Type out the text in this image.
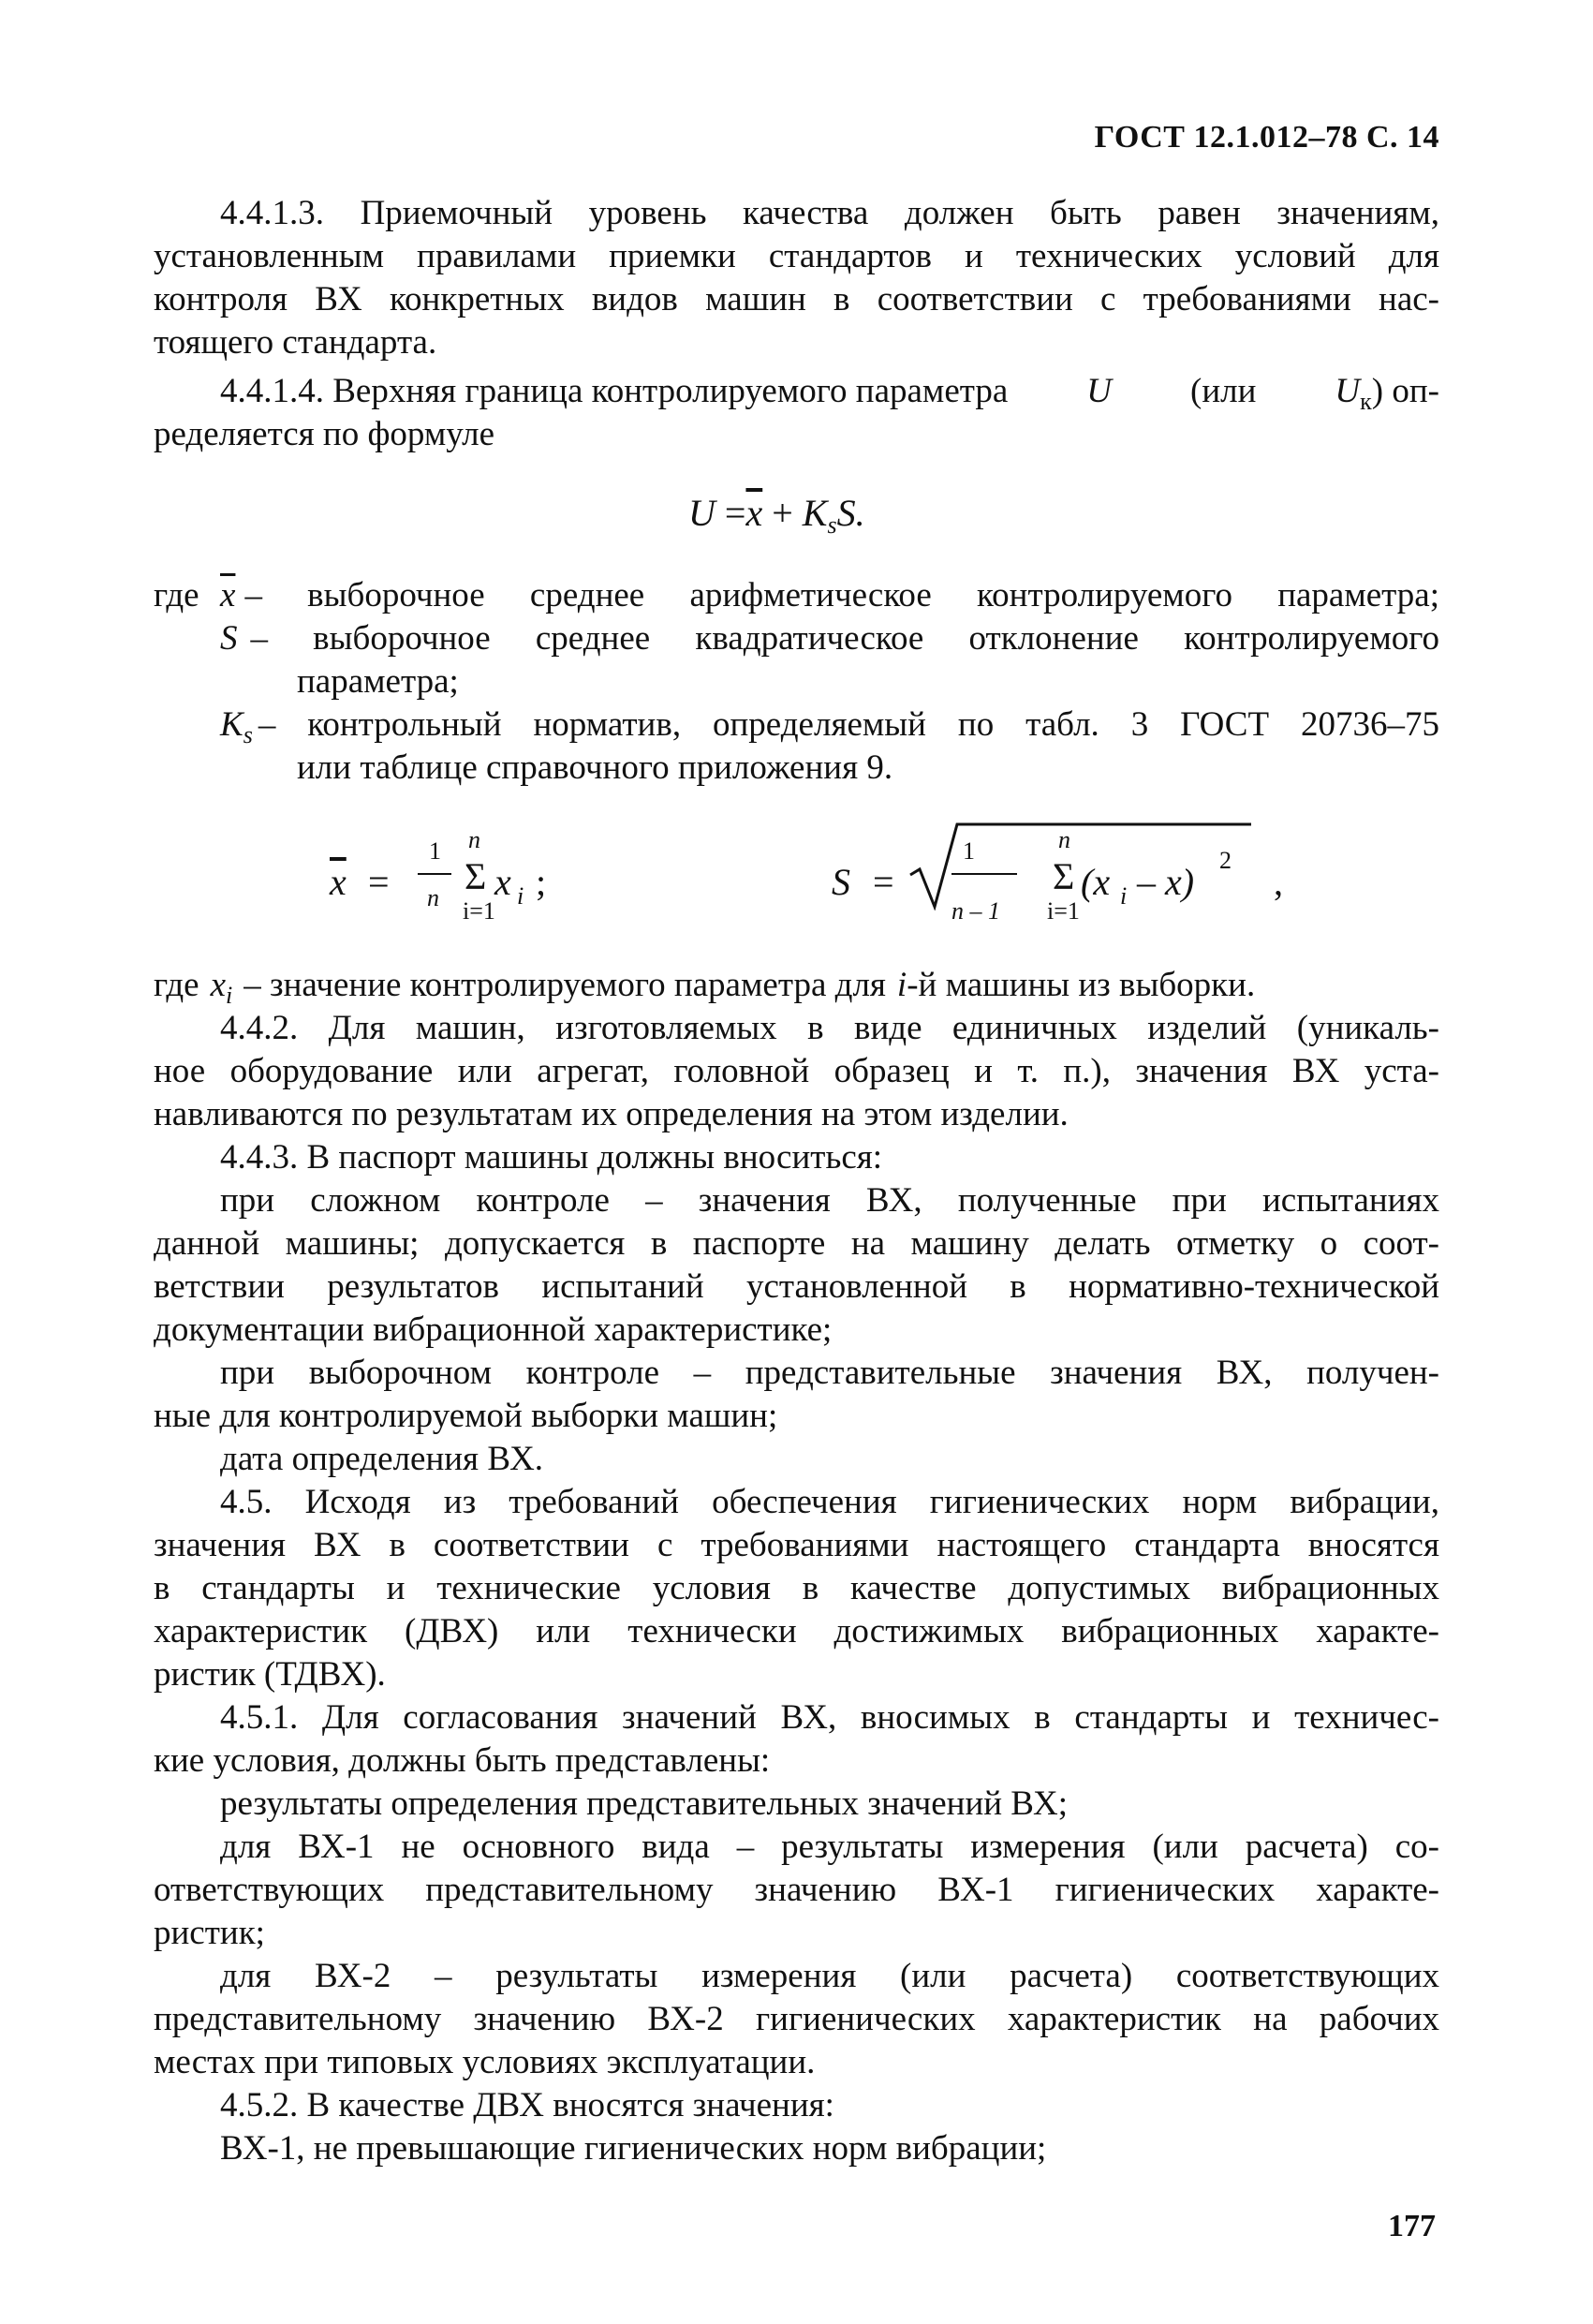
ГОСТ 12.1.012–78 С. 14
4.4.1.3. Приемочный уровень качества должен быть равен значениям,
установленным правилами приемки стандартов и технических условий для
контроля ВХ конкретных видов машин в соответствии с требованиями нас-
тоящего стандарта.
4.4.1.4. Верхняя граница контролируемого параметра U (или $U_к$) оп-
ределяется по формуле
$U =\overline{x} + K_sS$.
где $\overline{x}$ – выборочное среднее арифметическое контролируемого параметра;
S – выборочное среднее квадратическое отклонение контролируемого
параметра;
$K_s$ – контрольный норматив, определяемый по табл. 3 ГОСТ 20736–75
или таблице справочного приложения 9.
$\overline{x}$ =
1
n
n
Σ
i=1
x i ;	S =
1
n – 1
n
Σ
i=1
(x i – x)
2
,
где $x_i$ – значение контролируемого параметра для i-й машины из выборки.
4.4.2. Для машин, изготовляемых в виде единичных изделий (уникаль-
ное оборудование или агрегат, головной образец и т. п.), значения ВХ уста-
навливаются по результатам их определения на этом изделии.
4.4.3. В паспорт машины должны вноситься:
при сложном контроле – значения ВХ, полученные при испытаниях
данной машины; допускается в паспорте на машину делать отметку о соот-
ветствии результатов испытаний установленной в нормативно-технической
документации вибрационной характеристике;
при выборочном контроле – представительные значения ВХ, получен-
ные для контролируемой выборки машин;
дата определения ВХ.
4.5. Исходя из требований обеспечения гигиенических норм вибрации,
значения ВХ в соответствии с требованиями настоящего стандарта вносятся
в стандарты и технические условия в качестве допустимых вибрационных
характеристик (ДВХ) или технически достижимых вибрационных характе-
ристик (ТДВХ).
4.5.1. Для согласования значений ВХ, вносимых в стандарты и техничес-
кие условия, должны быть представлены:
результаты определения представительных значений ВХ;
для ВХ-1 не основного вида – результаты измерения (или расчета) со-
ответствующих представительному значению ВХ-1 гигиенических характе-
ристик;
для ВХ-2 – результаты измерения (или расчета) соответствующих
представительному значению ВХ-2 гигиенических характеристик на рабочих
местах при типовых условиях эксплуатации.
4.5.2. В качестве ДВХ вносятся значения:
ВХ-1, не превышающие гигиенических норм вибрации;
177
